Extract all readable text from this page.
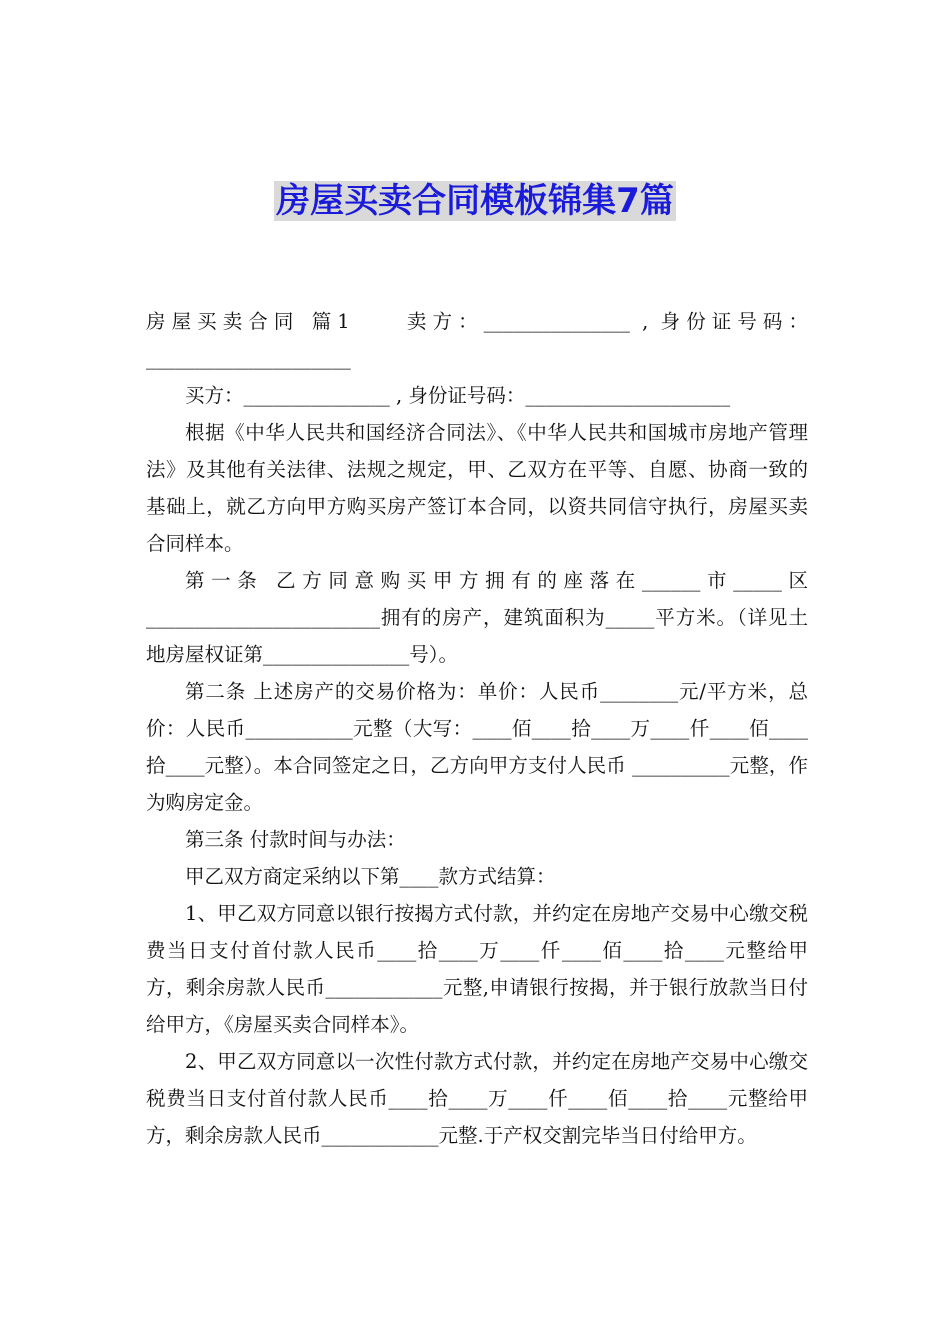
房屋买卖合同模板锦集7篇

房屋买卖合同 篇1　　卖方：_______________ , 身份证号码：_____________________

买方：_______________ , 身份证号码：_____________________

根据《中华人民共和国经济合同法》、《中华人民共和国城市房地产管理法》及其他有关法律、法规之规定，甲、乙双方在平等、自愿、协商一致的基础上，就乙方向甲方购买房产签订本合同，以资共同信守执行，房屋买卖合同样本。

第一条 乙方同意购买甲方拥有的座落在______市_____区________________________拥有的房产，建筑面积为_____平方米。（详见土地房屋权证第_______________号）。

第二条 上述房产的交易价格为：单价：人民币________元/平方米，总价：人民币___________元整（大写：____佰____拾____万____仟____佰____拾____元整）。本合同签定之日，乙方向甲方支付人民币 __________元整，作为购房定金。

第三条 付款时间与办法：

甲乙双方商定采纳以下第____款方式结算：

1、甲乙双方同意以银行按揭方式付款，并约定在房地产交易中心缴交税费当日支付首付款人民币____拾____万____仟____佰____拾____元整给甲方，剩余房款人民币____________元整,申请银行按揭，并于银行放款当日付给甲方，《房屋买卖合同样本》。

2、甲乙双方同意以一次性付款方式付款，并约定在房地产交易中心缴交税费当日支付首付款人民币____拾____万____仟____佰____拾____元整给甲方，剩余房款人民币____________元整.于产权交割完毕当日付给甲方。
